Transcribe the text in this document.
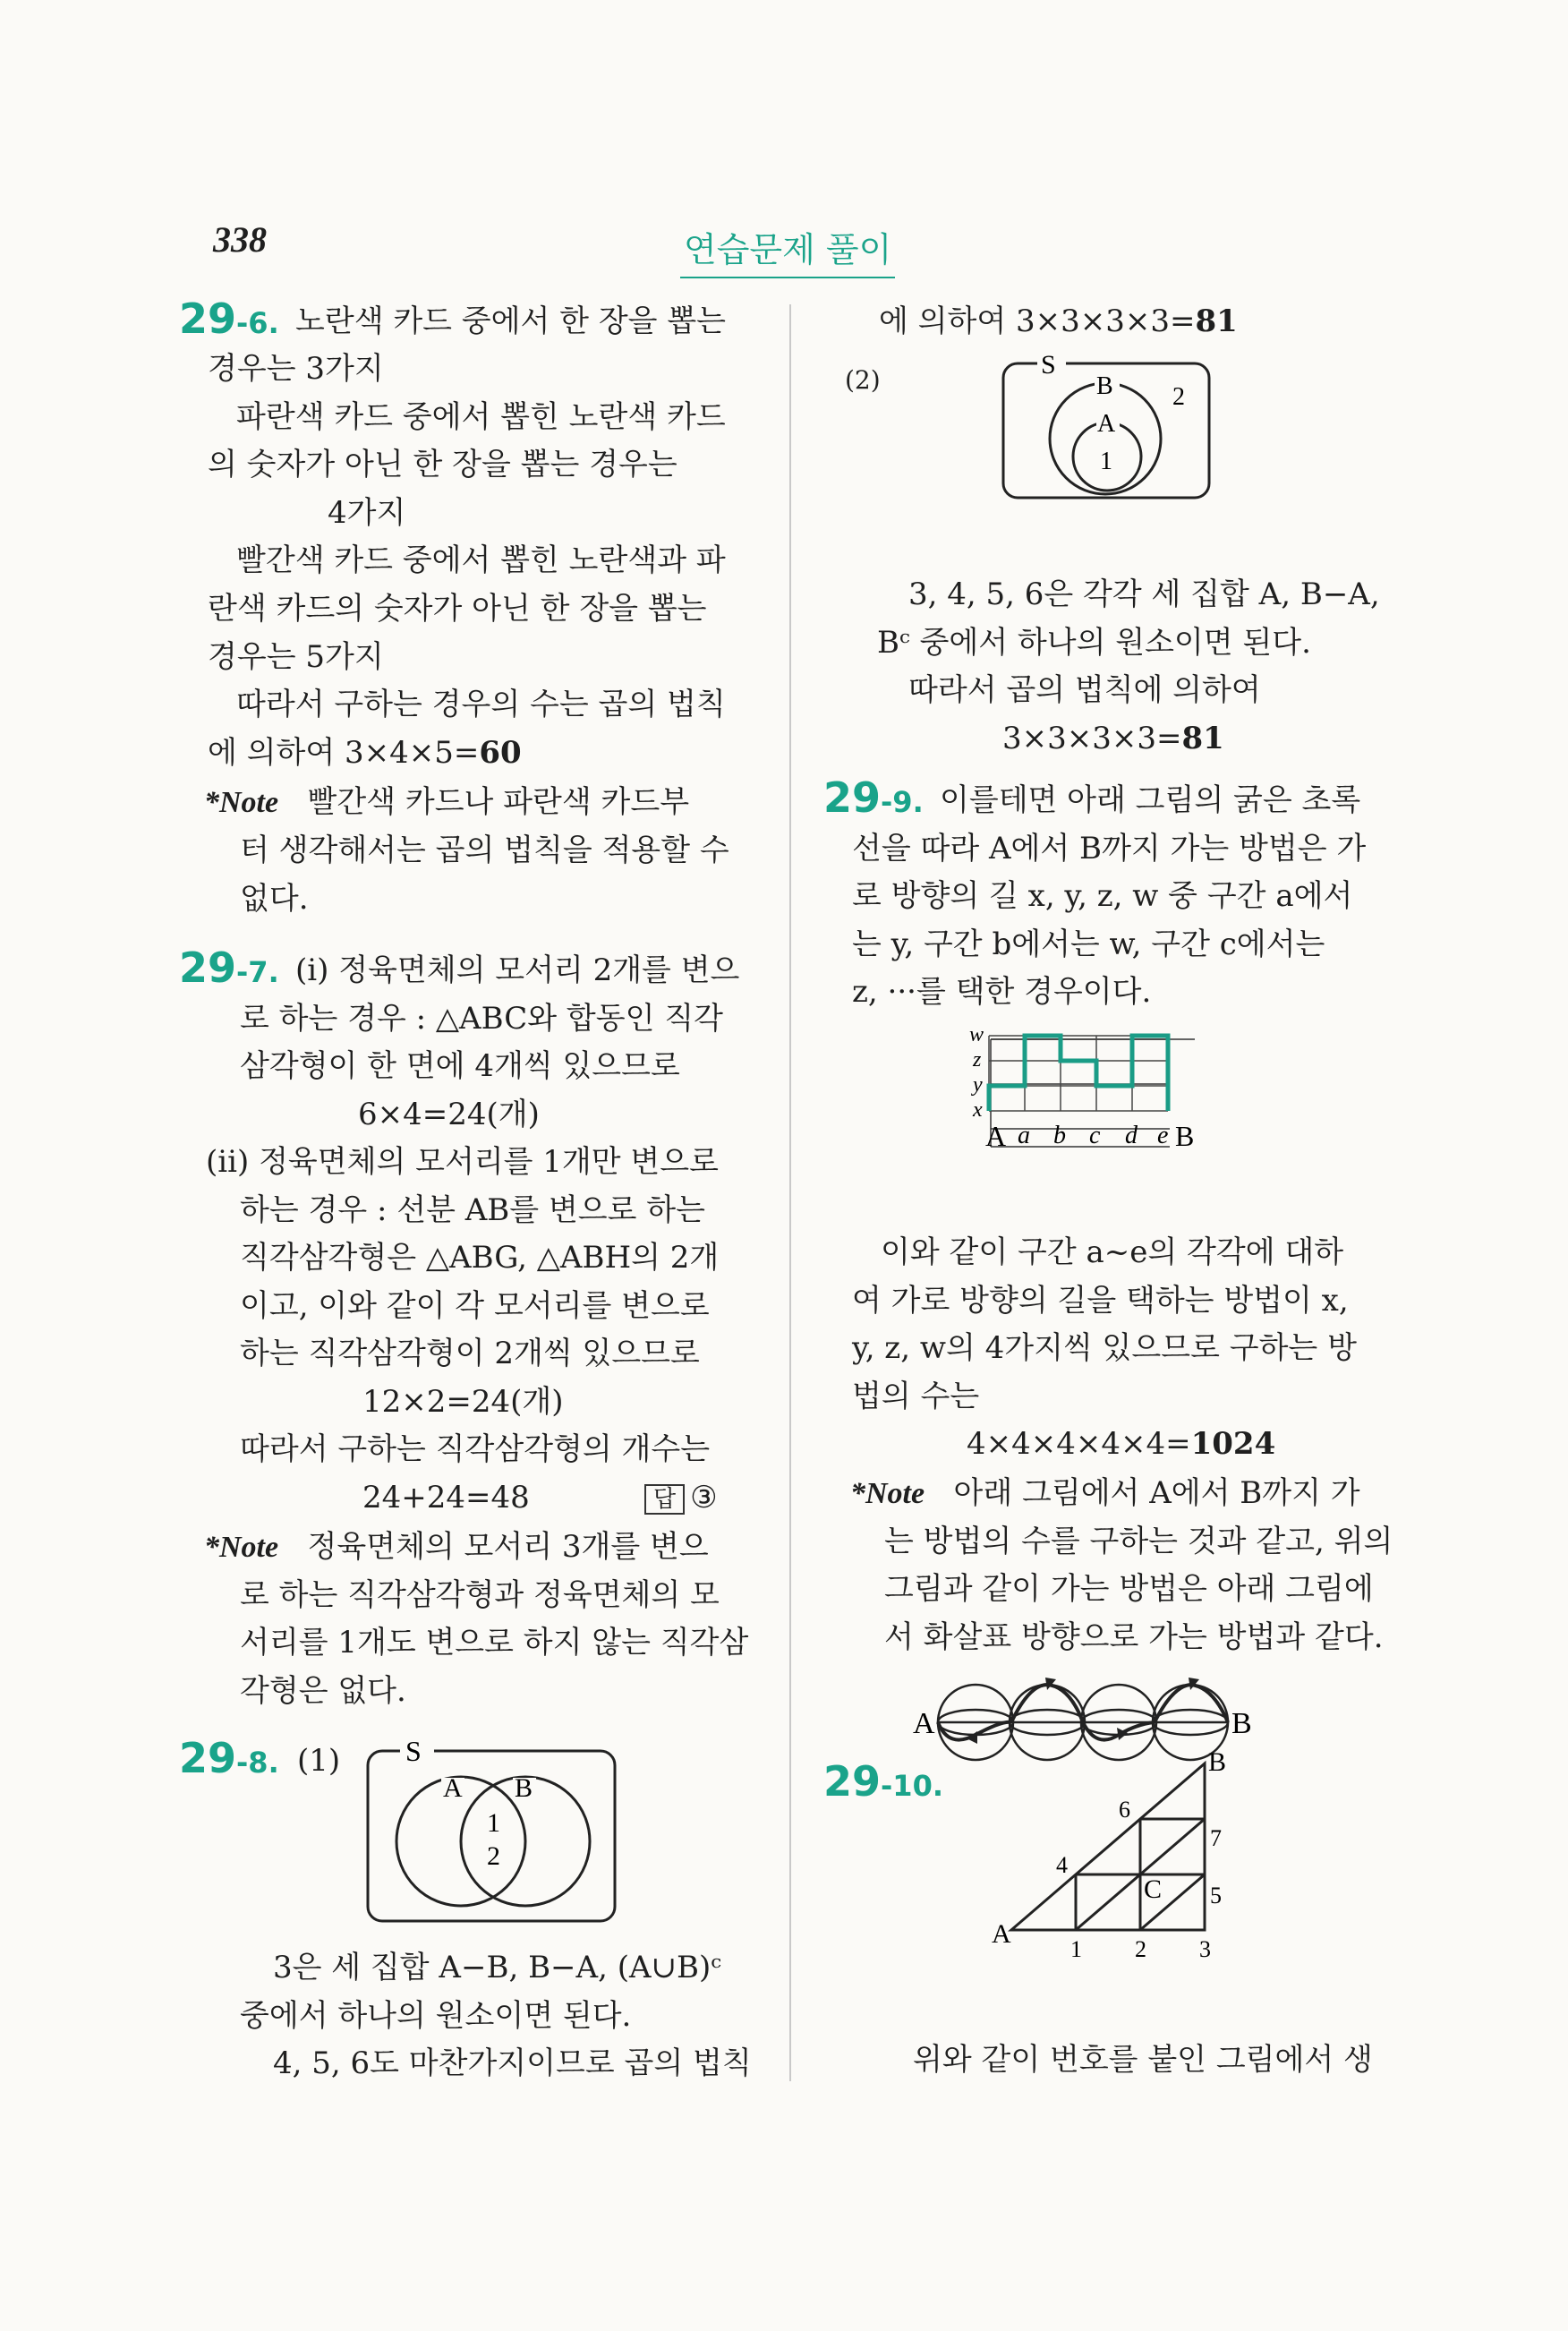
338	연습문제 풀이
29-6. 노란색 카드 중에서 한 장을 뽑는
경우는 3가지
파란색 카드 중에서 뽑힌 노란색 카드
의 숫자가 아닌 한 장을 뽑는 경우는
4가지
빨간색 카드 중에서 뽑힌 노란색과 파
란색 카드의 숫자가 아닌 한 장을 뽑는
경우는 5가지
따라서 구하는 경우의 수는 곱의 법칙
에 의하여 3×4×5=60
*Note 빨간색 카드나 파란색 카드부
터 생각해서는 곱의 법칙을 적용할 수
없다.
29-7. (i) 정육면체의 모서리 2개를 변으
로 하는 경우 : △ABC와 합동인 직각
삼각형이 한 면에 4개씩 있으므로
6×4=24(개)
(ii) 정육면체의 모서리를 1개만 변으로
하는 경우 : 선분 AB를 변으로 하는
직각삼각형은 △ABG, △ABH의 2개
이고, 이와 같이 각 모서리를 변으로
하는 직각삼각형이 2개씩 있으므로
12×2=24(개)
따라서 구하는 직각삼각형의 개수는
24+24=48	답 ③
*Note 정육면체의 모서리 3개를 변으
로 하는 직각삼각형과 정육면체의 모
서리를 1개도 변으로 하지 않는 직각삼
각형은 없다.
29-8. (1) S
A B
1
2
3은 세 집합 A−B, B−A, (A∪B)ᶜ
중에서 하나의 원소이면 된다.
4, 5, 6도 마찬가지이므로 곱의 법칙
에 의하여 3×3×3×3=81
(2)
S
B
A
1
2
3, 4, 5, 6은 각각 세 집합 A, B−A,
Bᶜ 중에서 하나의 원소이면 된다.
따라서 곱의 법칙에 의하여
3×3×3×3=81
29-9. 이를테면 아래 그림의 굵은 초록
선을 따라 A에서 B까지 가는 방법은 가
로 방향의 길 x, y, z, w 중 구간 a에서
는 y, 구간 b에서는 w, 구간 c에서는
z, ···를 택한 경우이다.
w
z
y
x
A a b c d e B
이와 같이 구간 a~e의 각각에 대하
여 가로 방향의 길을 택하는 방법이 x,
y, z, w의 4가지씩 있으므로 구하는 방
법의 수는
4×4×4×4×4=1024
*Note 아래 그림에서 A에서 B까지 가
는 방법의 수를 구하는 것과 같고, 위의
그림과 같이 가는 방법은 아래 그림에
서 화살표 방향으로 가는 방법과 같다.
A	B
29-10.
A
B
C
1 2 3
4
5
6
7
위와 같이 번호를 붙인 그림에서 생
